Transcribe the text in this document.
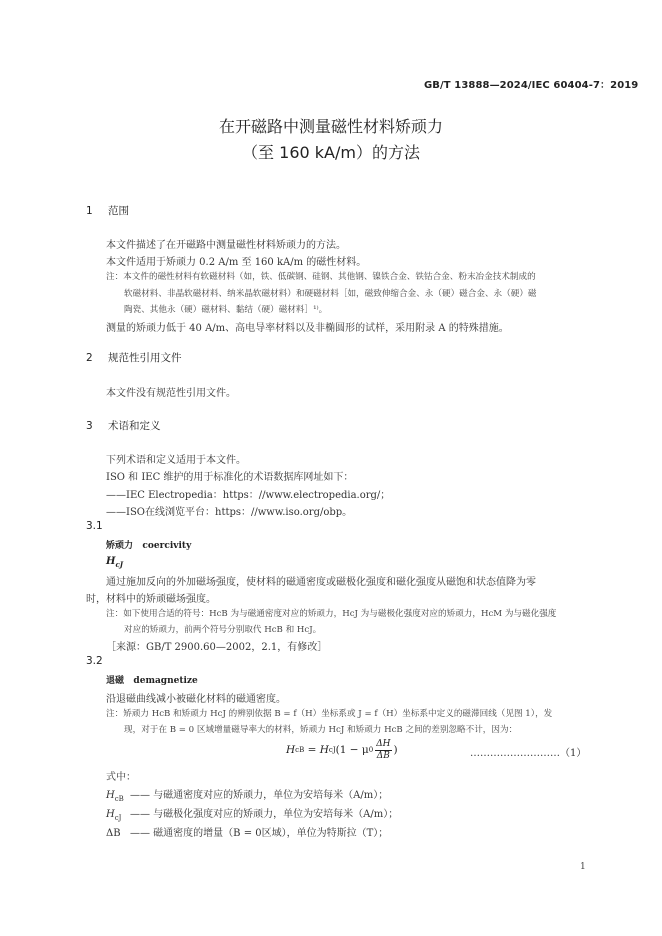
GB/T 13888—2024/IEC 60404-7：2019
在开磁路中测量磁性材料矫顽力
（至 160 kA/m）的方法
1 范围
本文件描述了在开磁路中测量磁性材料矫顽力的方法。
本文件适用于矫顽力 0.2 A/m 至 160 kA/m 的磁性材料。
注：本文件的磁性材料有软磁材料（如，铁、低碳钢、硅钢、其他钢、镍铁合金、铁钴合金、粉末冶金技术制成的
软磁材料、非晶软磁材料、纳米晶软磁材料）和硬磁材料［如，磁致伸缩合金、永（硬）磁合金、永（硬）磁
陶瓷、其他永（硬）磁材料、黏结（硬）磁材料］¹⁾。
测量的矫顽力低于 40 A/m、高电导率材料以及非椭圆形的试样，采用附录 A 的特殊措施。
2 规范性引用文件
本文件没有规范性引用文件。
3 术语和定义
下列术语和定义适用于本文件。
ISO 和 IEC 维护的用于标准化的术语数据库网址如下：
——IEC Electropedia：https：//www.electropedia.org/；
——ISO在线浏览平台：https：//www.iso.org/obp。
3.1
矫顽力 coercivity
$H_{cJ}$
通过施加反向的外加磁场强度，使材料的磁通密度或磁极化强度和磁化强度从磁饱和状态值降为零
时，材料中的矫顽磁场强度。
注：如下使用合适的符号：HcB 为与磁通密度对应的矫顽力，HcJ 为与磁极化强度对应的矫顽力，HcM 为与磁化强度
对应的矫顽力，前两个符号分别取代 HcB 和 HcJ。
［来源：GB/T 2900.60—2002，2.1，有修改］
3.2
退磁 demagnetize
沿退磁曲线减小被磁化材料的磁通密度。
注：矫顽力 HcB 和矫顽力 HcJ 的辨别依据 B = f（H）坐标系或 J = f（H）坐标系中定义的磁滞回线（见图 1），发
现，对于在 B = 0 区域增量磁导率大的材料，矫顽力 HcJ 和矫顽力 HcB 之间的差别忽略不计，因为：
H cB = H cJ (1 − μ $0 \frac{\Delta H}{\Delta B}$ )	………………………（1）
式中：
$H_{cB}$ —— 与磁通密度对应的矫顽力，单位为安培每米（A/m）；
$H_{cJ}$ —— 与磁极化强度对应的矫顽力，单位为安培每米（A/m）；
ΔB —— 磁通密度的增量（B = 0区域），单位为特斯拉（T）；
1
